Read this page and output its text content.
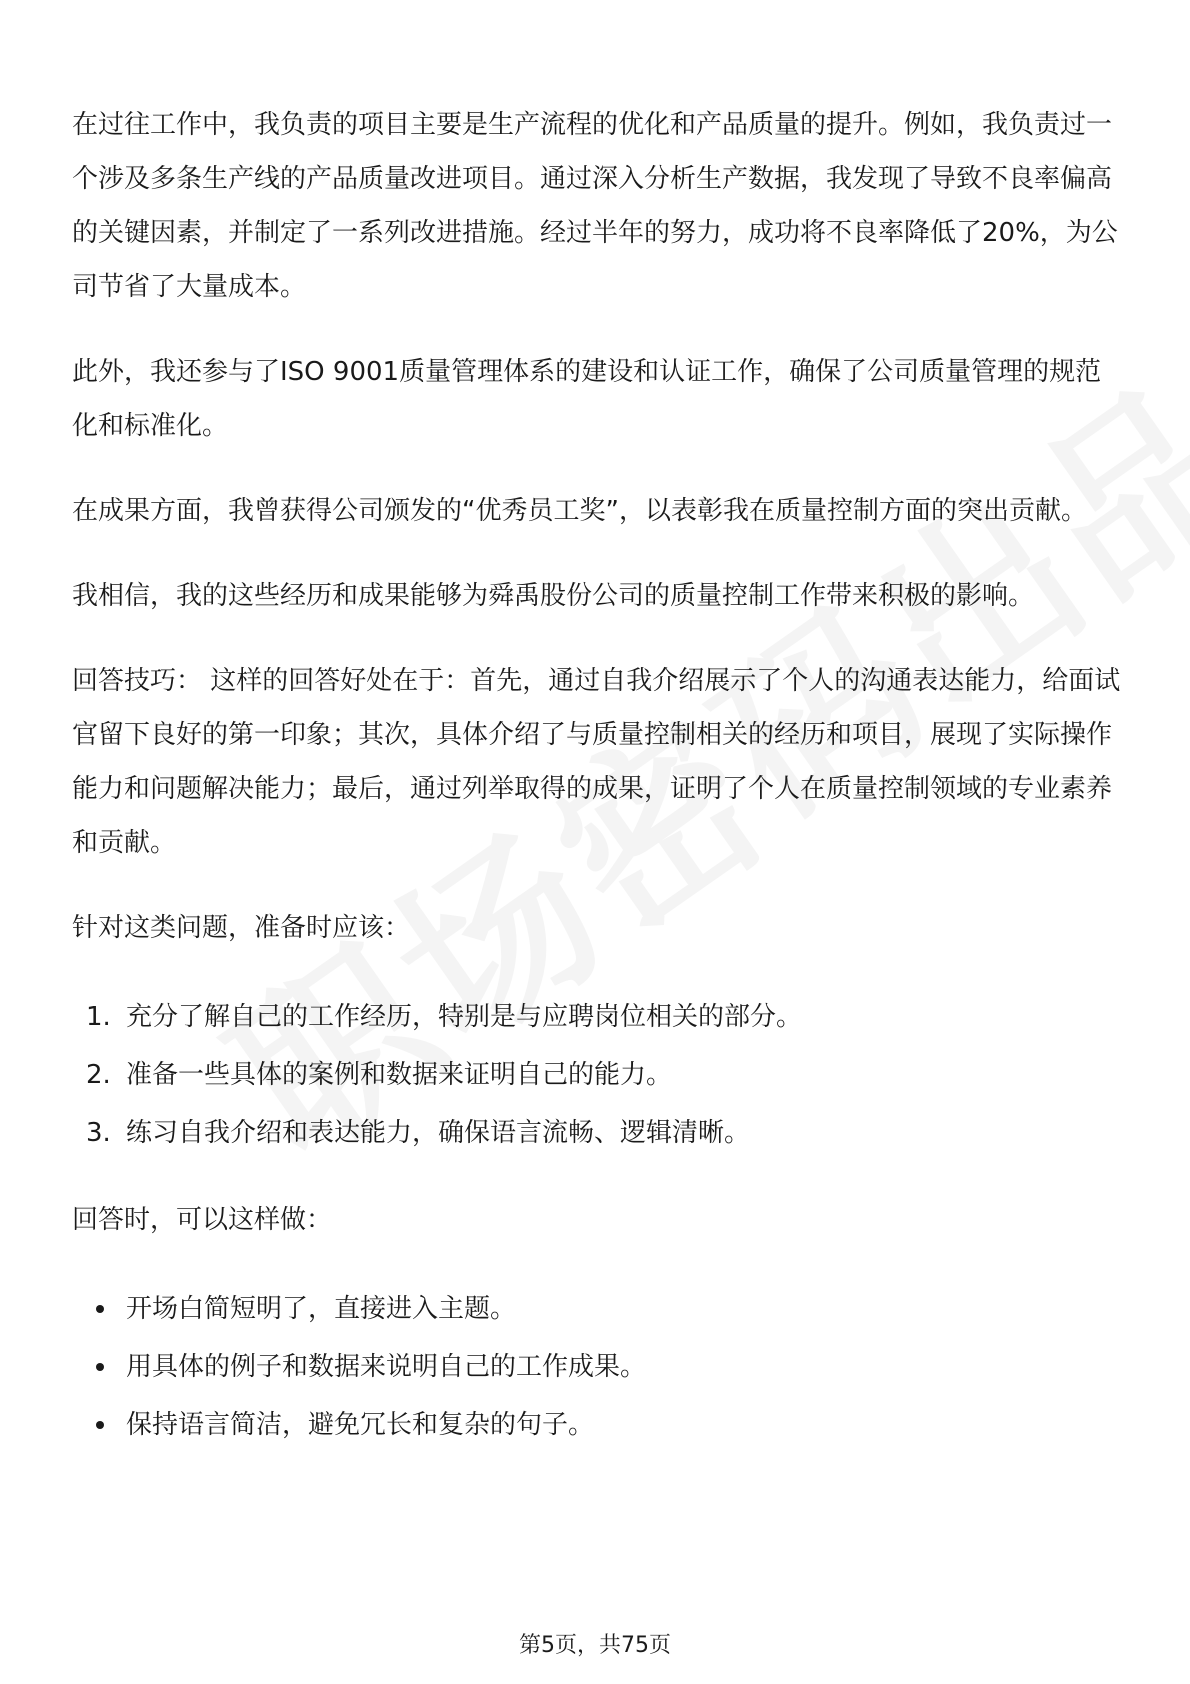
在过往工作中，我负责的项目主要是生产流程的优化和产品质量的提升。例如，我负责过一个涉及多条生产线的产品质量改进项目。通过深入分析生产数据，我发现了导致不良率偏高的关键因素，并制定了一系列改进措施。经过半年的努力，成功将不良率降低了20%，为公司节省了大量成本。

此外，我还参与了ISO 9001质量管理体系的建设和认证工作，确保了公司质量管理的规范化和标准化。

在成果方面，我曾获得公司颁发的“优秀员工奖”，以表彰我在质量控制方面的突出贡献。

我相信，我的这些经历和成果能够为舜禹股份公司的质量控制工作带来积极的影响。

回答技巧： 这样的回答好处在于：首先，通过自我介绍展示了个人的沟通表达能力，给面试官留下良好的第一印象；其次，具体介绍了与质量控制相关的经历和项目，展现了实际操作能力和问题解决能力；最后，通过列举取得的成果，证明了个人在质量控制领域的专业素养和贡献。

针对这类问题，准备时应该：

1. 充分了解自己的工作经历，特别是与应聘岗位相关的部分。
2. 准备一些具体的案例和数据来证明自己的能力。
3. 练习自我介绍和表达能力，确保语言流畅、逻辑清晰。

回答时，可以这样做：

开场白简短明了，直接进入主题。
用具体的例子和数据来说明自己的工作成果。
保持语言简洁，避免冗长和复杂的句子。
第5页，共75页
